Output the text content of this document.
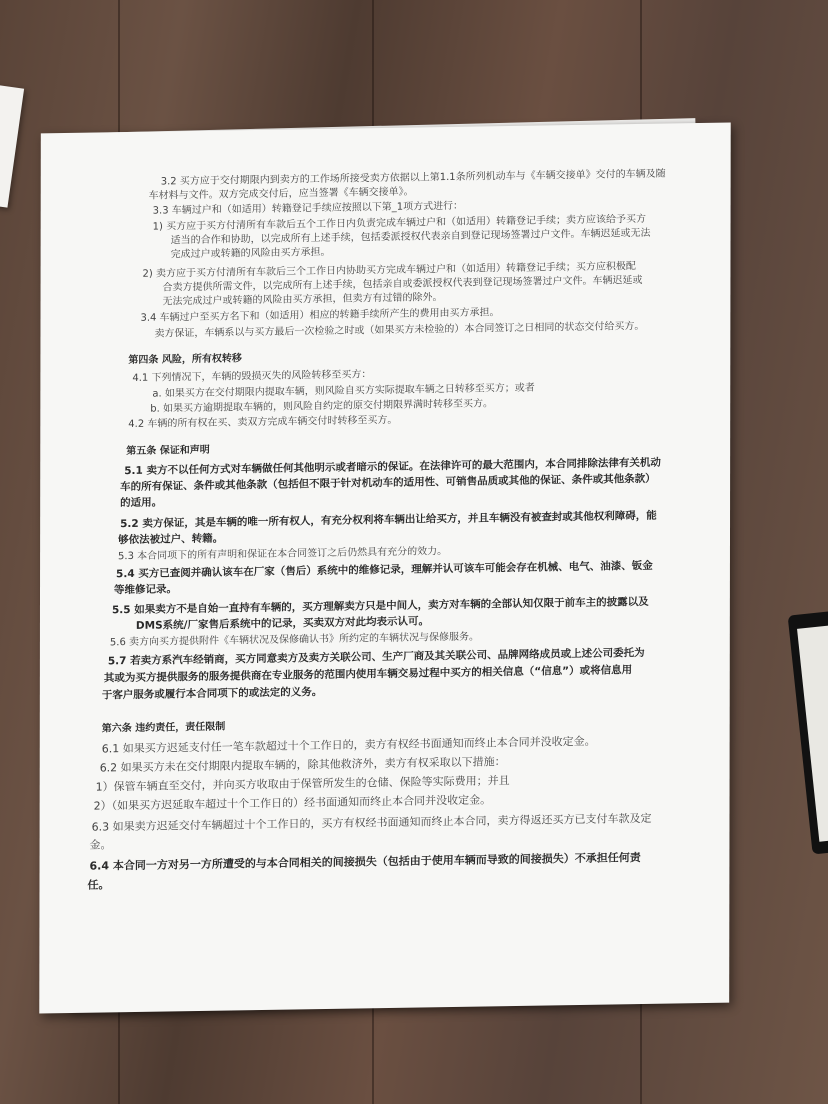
3.2 买方应于交付期限内到卖方的工作场所接受卖方依据以上第1.1条所列机动车与《车辆交接单》交付的车辆及随
车材料与文件。双方完成交付后，应当签署《车辆交接单》。
3.3 车辆过户和（如适用）转籍登记手续应按照以下第_1项方式进行：
1) 买方应于买方付清所有车款后五个工作日内负责完成车辆过户和（如适用）转籍登记手续；卖方应该给予买方
适当的合作和协助，以完成所有上述手续，包括委派授权代表亲自到登记现场签署过户文件。车辆迟延或无法
完成过户或转籍的风险由买方承担。
2) 卖方应于买方付清所有车款后三个工作日内协助买方完成车辆过户和（如适用）转籍登记手续；买方应积极配
合卖方提供所需文件，以完成所有上述手续，包括亲自或委派授权代表到登记现场签署过户文件。车辆迟延或
无法完成过户或转籍的风险由买方承担，但卖方有过错的除外。
3.4 车辆过户至买方名下和（如适用）相应的转籍手续所产生的费用由买方承担。
卖方保证，车辆系以与买方最后一次检验之时或（如果买方未检验的）本合同签订之日相同的状态交付给买方。
第四条 风险，所有权转移
4.1 下列情况下，车辆的毁损灭失的风险转移至买方：
a. 如果买方在交付期限内提取车辆，则风险自买方实际提取车辆之日转移至买方；或者
b. 如果买方逾期提取车辆的，则风险自约定的原交付期限界满时转移至买方。
4.2 车辆的所有权在买、卖双方完成车辆交付时转移至买方。
第五条 保证和声明
5.1 卖方不以任何方式对车辆做任何其他明示或者暗示的保证。在法律许可的最大范围内，本合同排除法律有关机动
车的所有保证、条件或其他条款（包括但不限于针对机动车的适用性、可销售品质或其他的保证、条件或其他条款）
的适用。
5.2 卖方保证，其是车辆的唯一所有权人，有充分权利将车辆出让给买方，并且车辆没有被查封或其他权利障碍，能
够依法被过户、转籍。
5.3 本合同项下的所有声明和保证在本合同签订之后仍然具有充分的效力。
5.4 买方已查阅并确认该车在厂家（售后）系统中的维修记录，理解并认可该车可能会存在机械、电气、油漆、钣金
等维修记录。
5.5 如果卖方不是自始一直持有车辆的，买方理解卖方只是中间人，卖方对车辆的全部认知仅限于前车主的披露以及
DMS系统/厂家售后系统中的记录，买卖双方对此均表示认可。
5.6 卖方向买方提供附件《车辆状况及保修确认书》所约定的车辆状况与保修服务。
5.7 若卖方系汽车经销商，买方同意卖方及卖方关联公司、生产厂商及其关联公司、品牌网络成员或上述公司委托为
其或为买方提供服务的服务提供商在专业服务的范围内使用车辆交易过程中买方的相关信息（“信息”）或将信息用
于客户服务或履行本合同项下的或法定的义务。
第六条 违约责任，责任限制
6.1 如果买方迟延支付任一笔车款超过十个工作日的，卖方有权经书面通知而终止本合同并没收定金。
6.2 如果买方未在交付期限内提取车辆的，除其他救济外，卖方有权采取以下措施：
1）保管车辆直至交付，并向买方收取由于保管所发生的仓储、保险等实际费用；并且
2）（如果买方迟延取车超过十个工作日的）经书面通知而终止本合同并没收定金。
6.3 如果卖方迟延交付车辆超过十个工作日的，买方有权经书面通知而终止本合同，卖方得返还买方已支付车款及定
金。
6.4 本合同一方对另一方所遭受的与本合同相关的间接损失（包括由于使用车辆而导致的间接损失）不承担任何责
任。
